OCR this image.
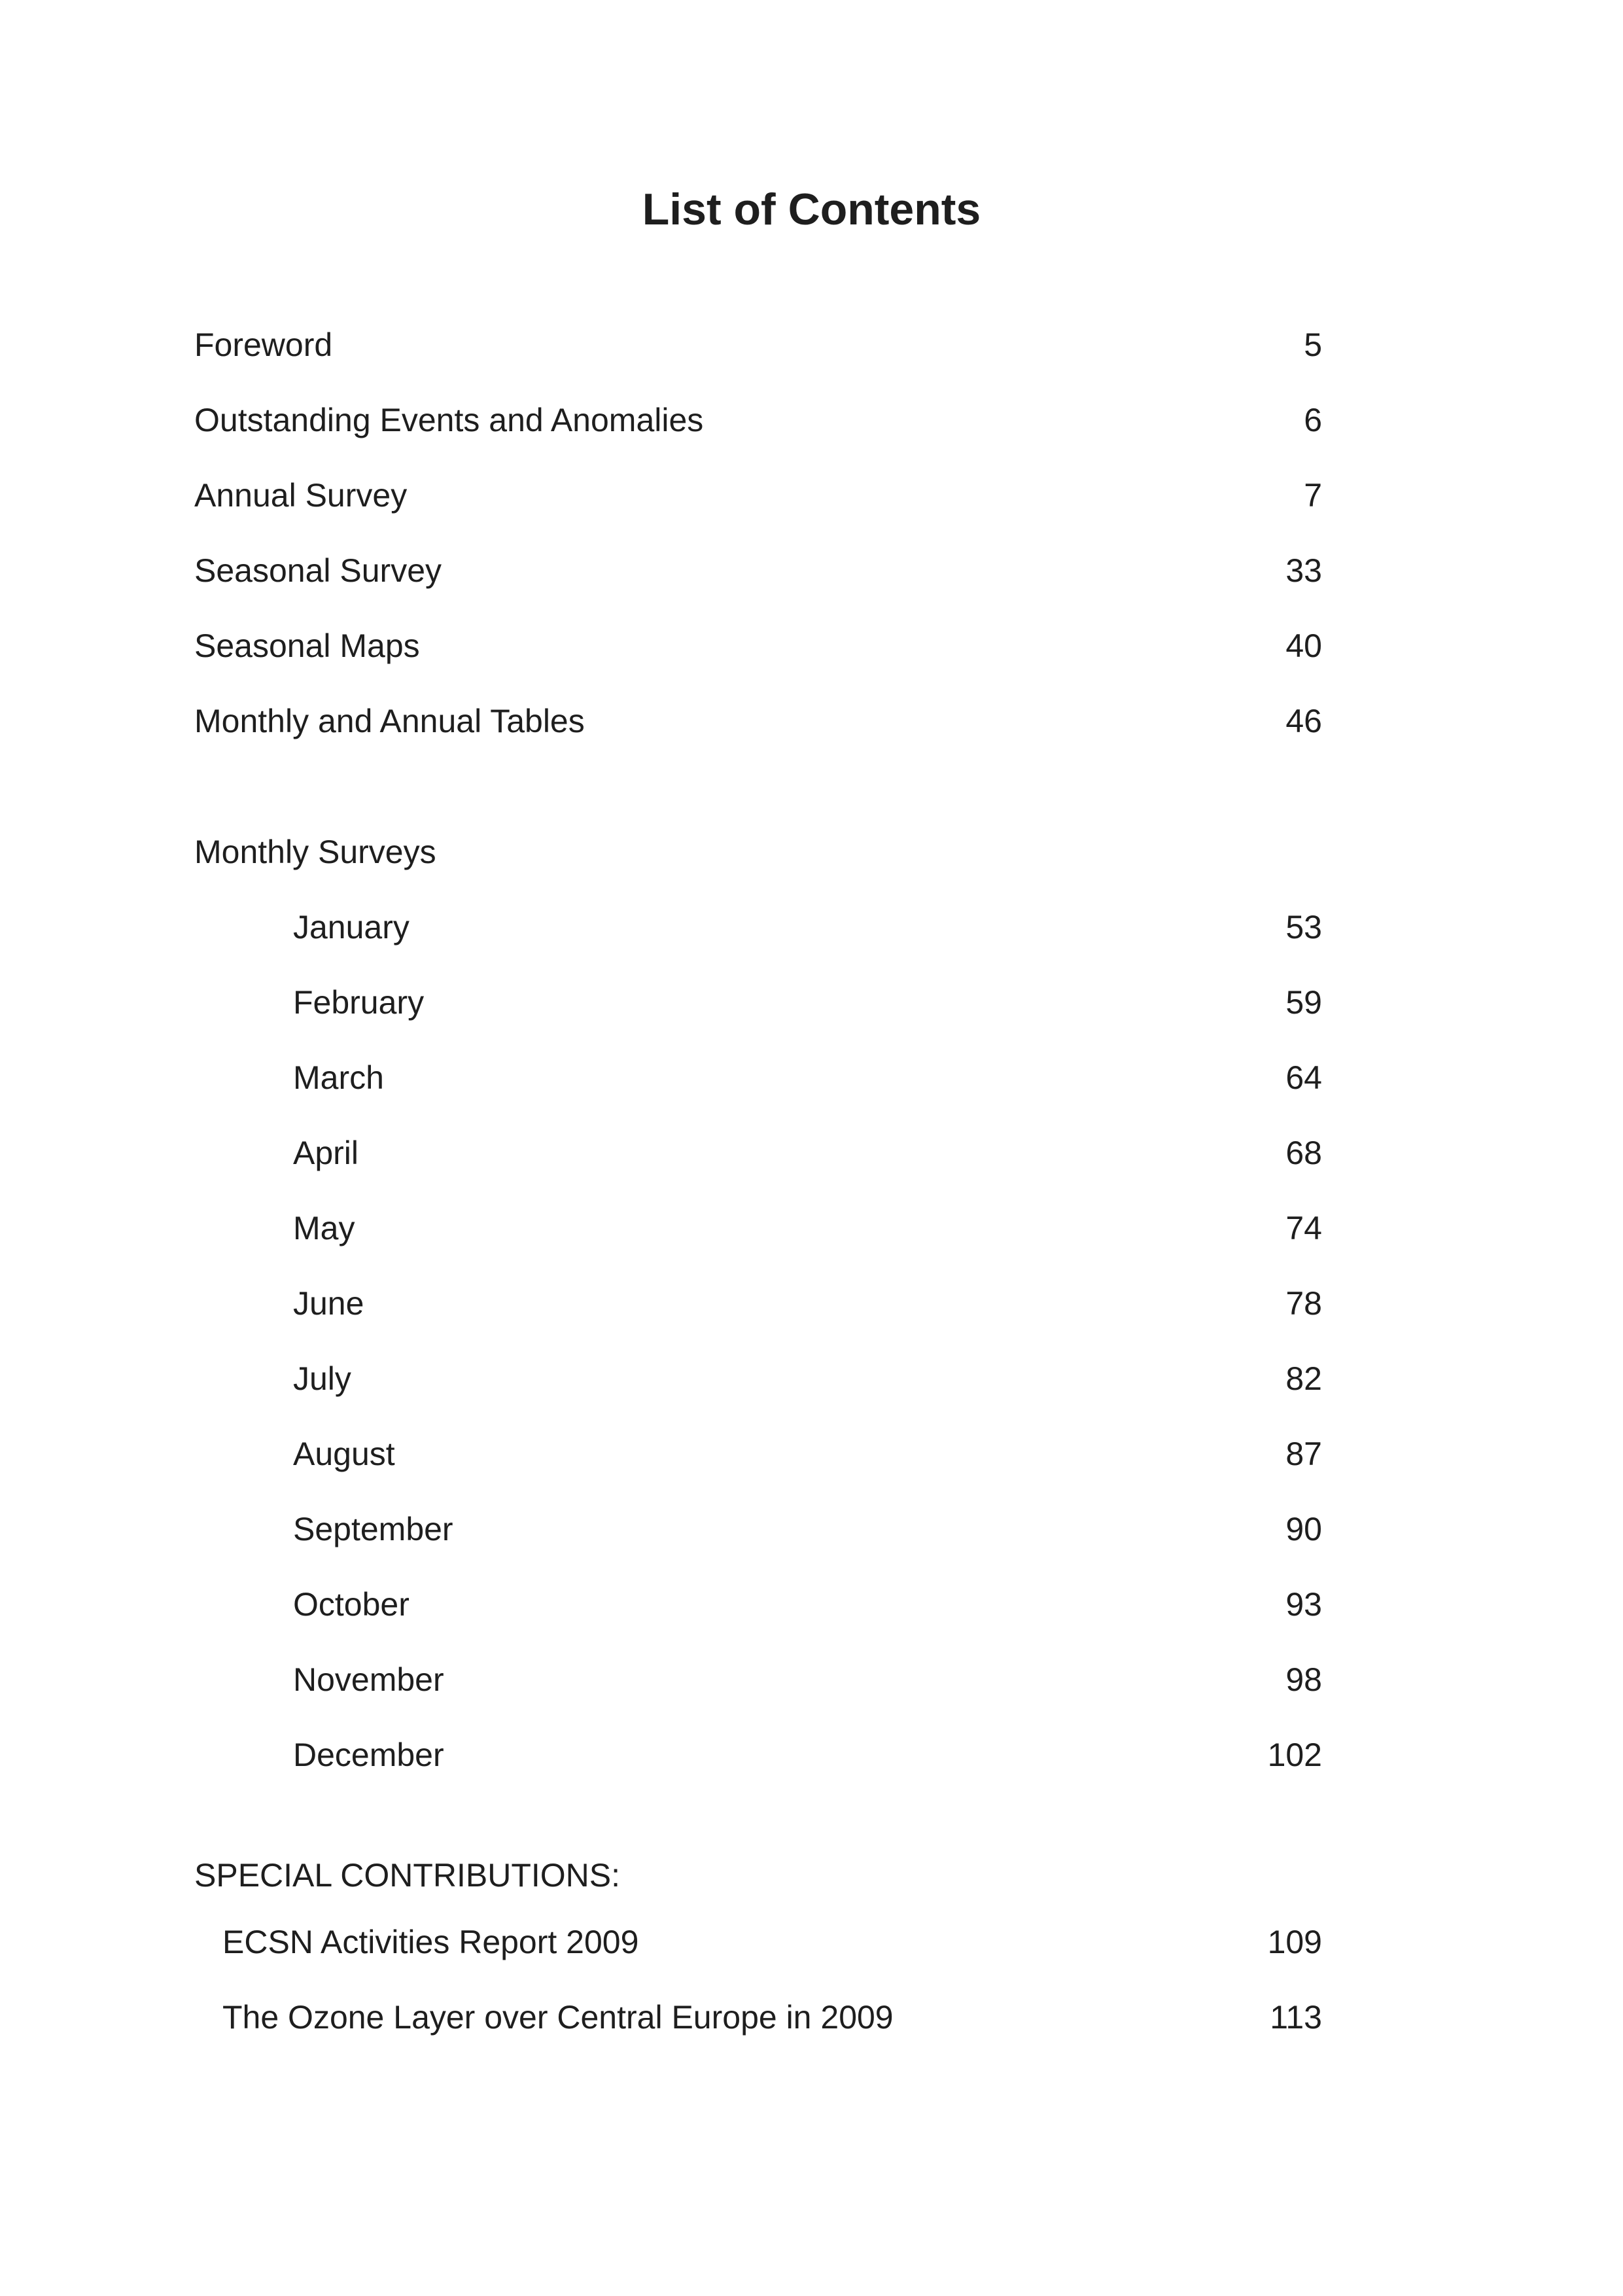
List of Contents
Foreword	5
Outstanding Events and Anomalies	6
Annual Survey	7
Seasonal Survey	33
Seasonal Maps	40
Monthly and Annual Tables	46
Monthly Surveys
January	53
February	59
March	64
April	68
May	74
June	78
July	82
August	87
September	90
October	93
November	98
December	102
SPECIAL CONTRIBUTIONS:
ECSN Activities Report 2009	109
The Ozone Layer over Central Europe in 2009	113
